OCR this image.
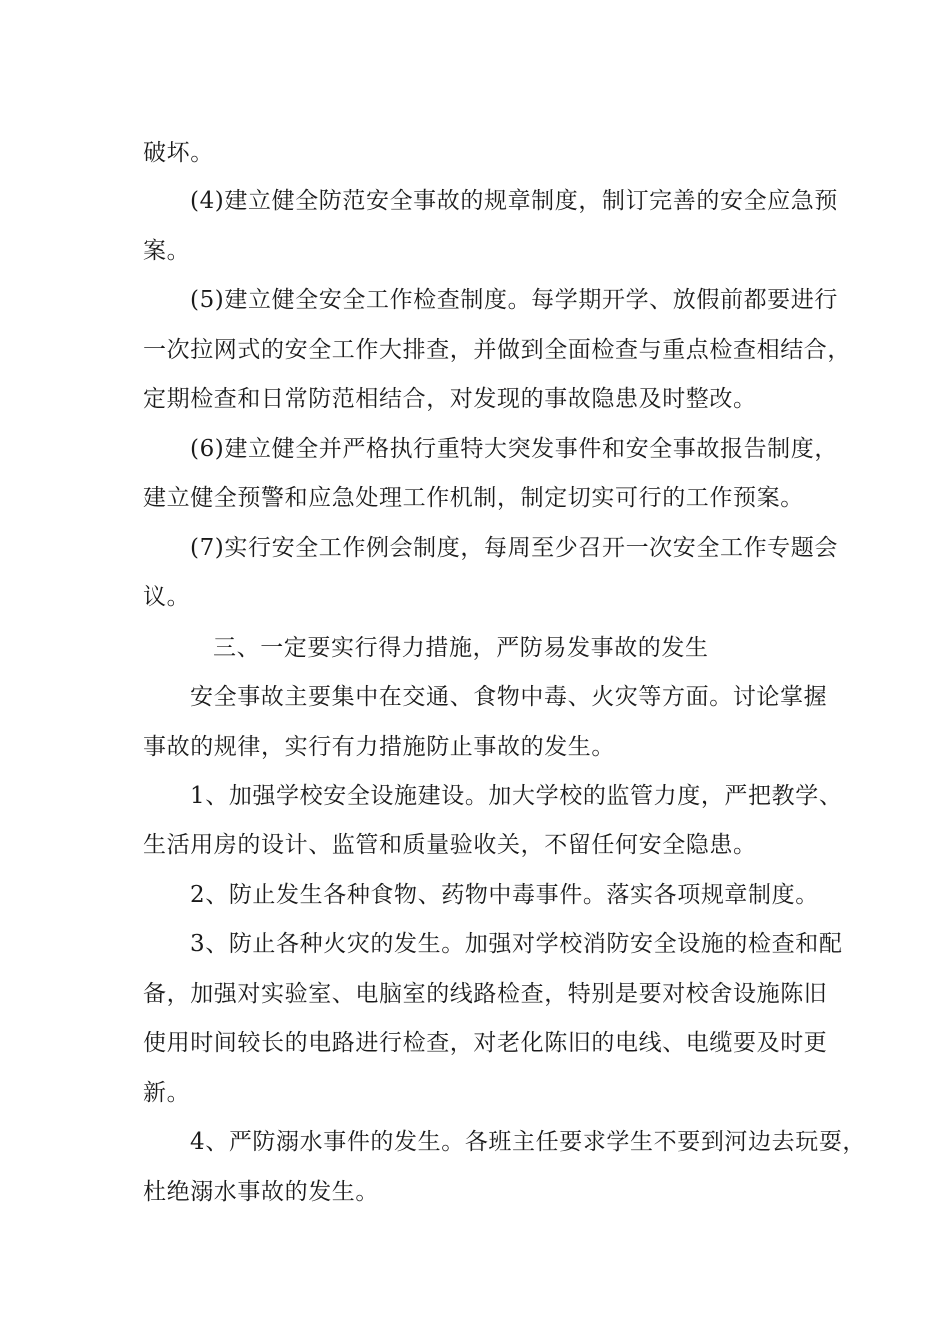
破坏。
(4)建立健全防范安全事故的规章制度，制订完善的安全应急预
案。
(5)建立健全安全工作检查制度。每学期开学、放假前都要进行
一次拉网式的安全工作大排查，并做到全面检查与重点检查相结合，
定期检查和日常防范相结合，对发现的事故隐患及时整改。
(6)建立健全并严格执行重特大突发事件和安全事故报告制度，
建立健全预警和应急处理工作机制，制定切实可行的工作预案。
(7)实行安全工作例会制度，每周至少召开一次安全工作专题会
议。
三、一定要实行得力措施，严防易发事故的发生
安全事故主要集中在交通、食物中毒、火灾等方面。讨论掌握
事故的规律，实行有力措施防止事故的发生。
1、加强学校安全设施建设。加大学校的监管力度，严把教学、
生活用房的设计、监管和质量验收关，不留任何安全隐患。
2、防止发生各种食物、药物中毒事件。落实各项规章制度。
3、防止各种火灾的发生。加强对学校消防安全设施的检查和配
备，加强对实验室、电脑室的线路检查，特别是要对校舍设施陈旧
使用时间较长的电路进行检查，对老化陈旧的电线、电缆要及时更
新。
4、严防溺水事件的发生。各班主任要求学生不要到河边去玩耍，
杜绝溺水事故的发生。
